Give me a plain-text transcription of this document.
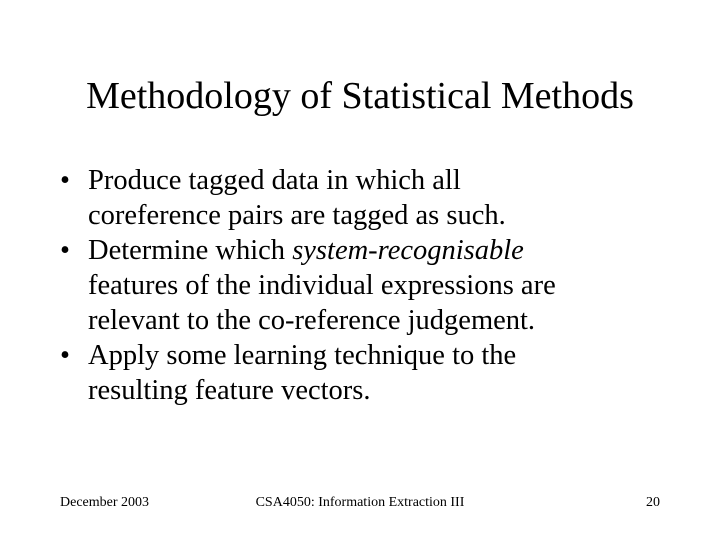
Methodology of Statistical Methods
• Produce tagged data in which all
coreference pairs are tagged as such.
• Determine which system-recognisable
features of the individual expressions are
relevant to the co-reference judgement.
• Apply some learning technique to the
resulting feature vectors.
December 2003	CSA4050: Information Extraction III	20
